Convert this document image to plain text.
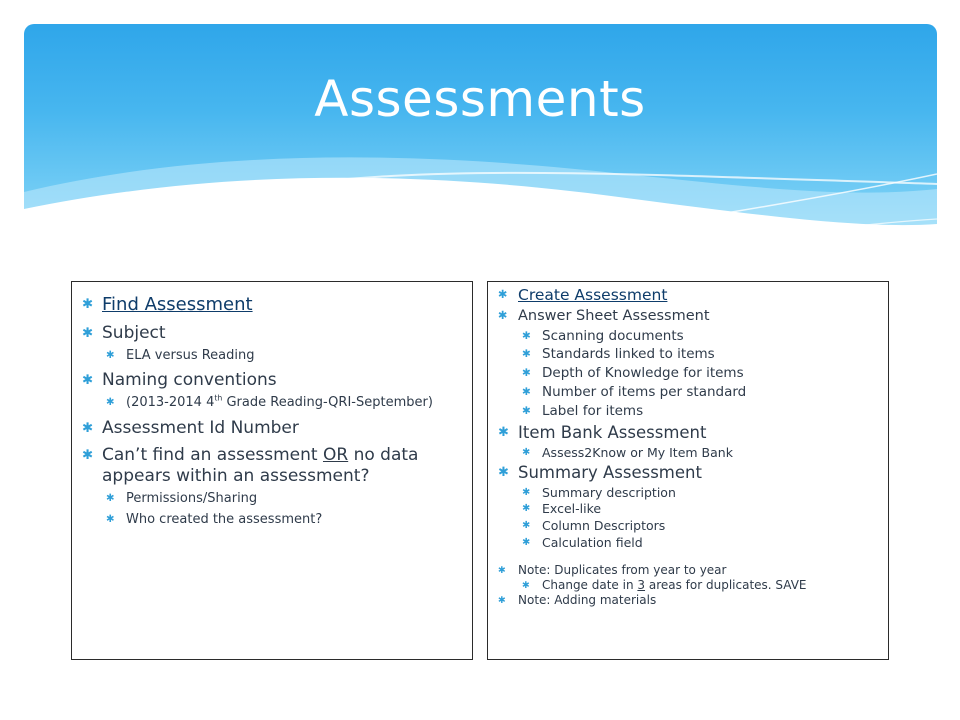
Assessments

✱ Find Assessment

✱ Subject

✱ ELA versus Reading

✱ Naming conventions

✱ (2013-2014 4th Grade Reading-QRI-September)

✱ Assessment Id Number

✱ Can’t find an assessment OR no data appears within an assessment?

✱ Permissions/Sharing

✱ Who created the assessment?

✱ Create Assessment

✱ Answer Sheet Assessment

✱ Scanning documents

✱ Standards linked to items

✱ Depth of Knowledge for items

✱ Number of items per standard

✱ Label for items

✱ Item Bank Assessment

✱ Assess2Know or My Item Bank

✱ Summary Assessment

✱ Summary description

✱ Excel-like

✱ Column Descriptors

✱ Calculation field

✱ Note: Duplicates from year to year

✱ Change date in 3 areas for duplicates. SAVE

✱ Note: Adding materials
